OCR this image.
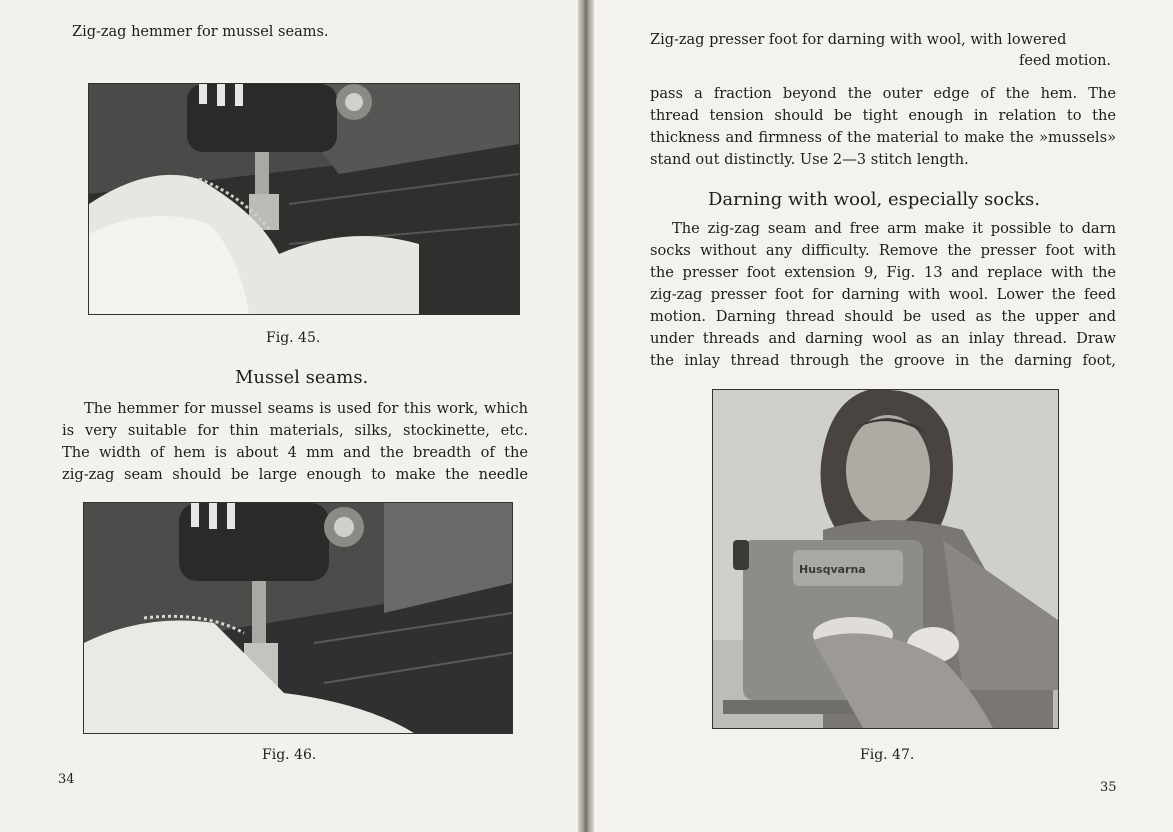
Zig-zag hemmer for mussel seams.
Fig. 45.
Mussel seams.

The hemmer for mussel seams is used for this work, which

is very suitable for thin materials, silks, stockinette, etc.

The width of hem is about 4 mm and the breadth of the

zig-zag seam should be large enough to make the needle

Fig. 46.
34
Zig-zag presser foot for darning with wool, with lowered
feed motion.

pass a fraction beyond the outer edge of the hem. The

thread tension should be tight enough in relation to the

thickness and firmness of the material to make the »mussels»

stand out distinctly. Use 2—3 stitch length.

Darning with wool, especially socks.

The zig-zag seam and free arm make it possible to darn

socks without any difficulty. Remove the presser foot with

the presser foot extension 9, Fig. 13 and replace with the

zig-zag presser foot for darning with wool. Lower the feed

motion. Darning thread should be used as the upper and

under threads and darning wool as an inlay thread. Draw

the inlay thread through the groove in the darning foot,

Husqvarna
Fig. 47.
35
